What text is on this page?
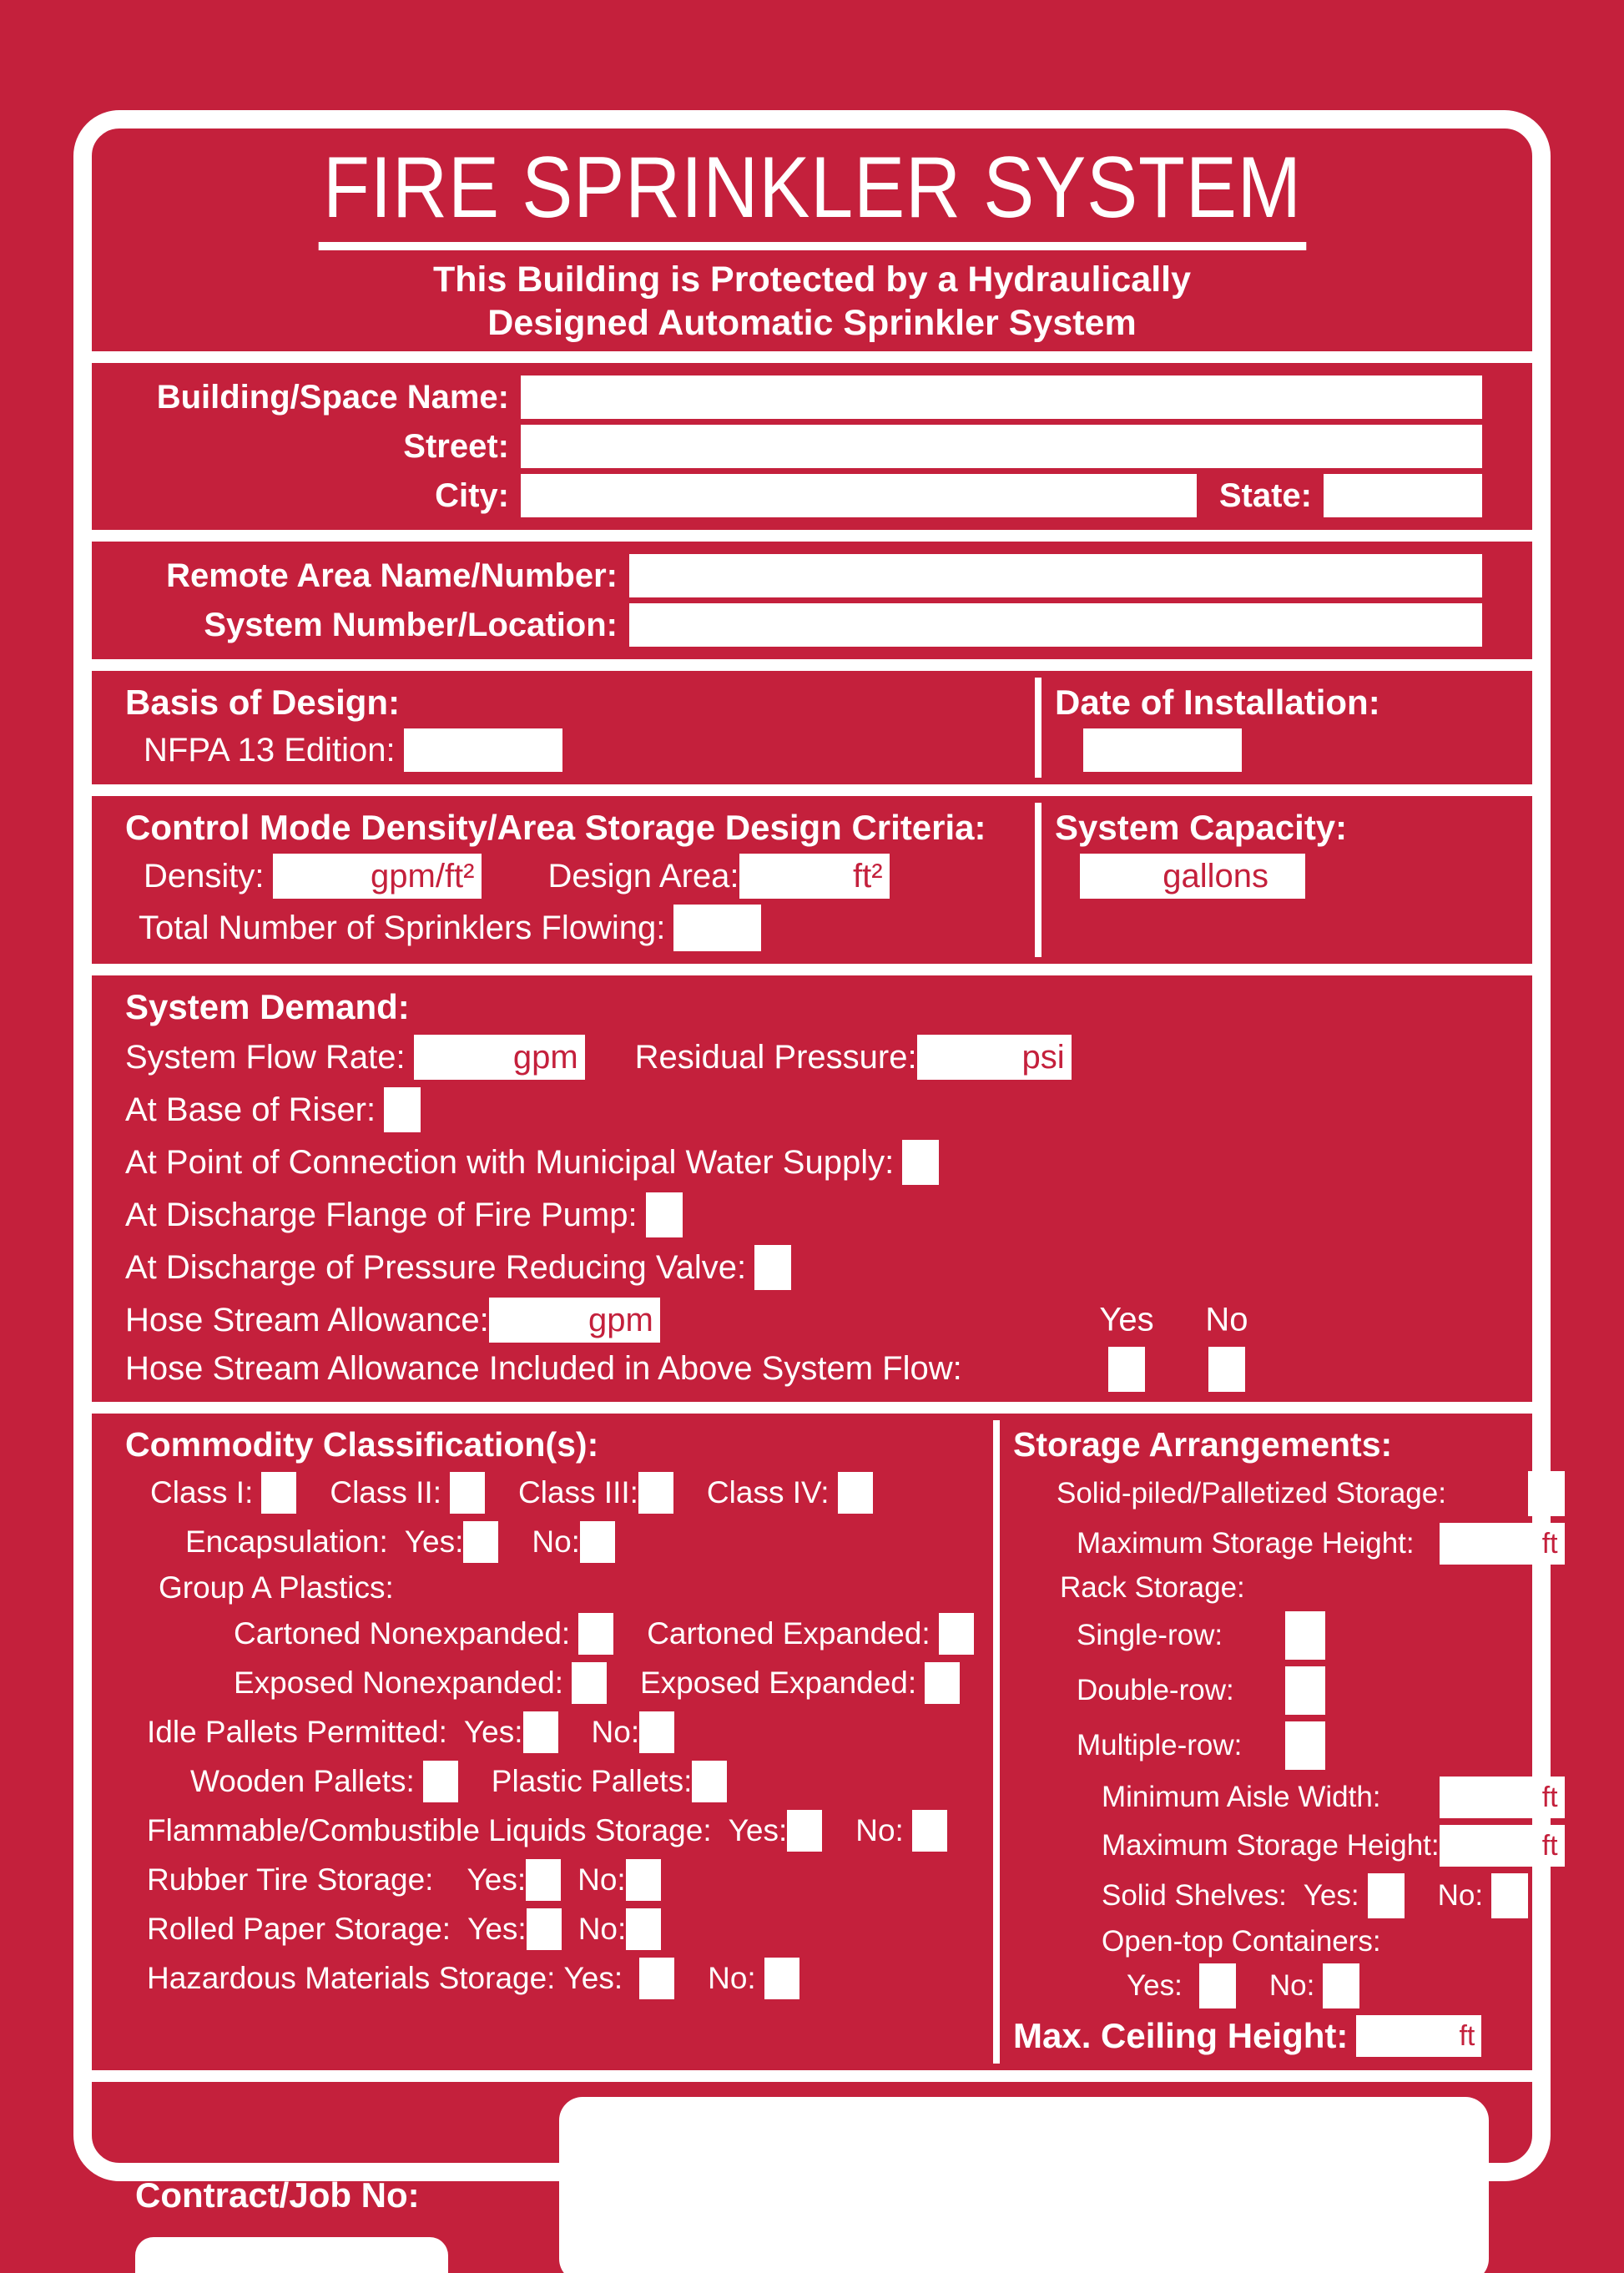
FIRE SPRINKLER SYSTEM
This Building is Protected by a Hydraulically
Designed Automatic Sprinkler System
Building/Space Name:
Street:
City:	State:
Remote Area Name/Number:
System Number/Location:
Basis of Design:
NFPA 13 Edition:
Date of Installation:
Control Mode Density/Area Storage Design Criteria:
Density:	gpm/ft² Design Area:	ft²
Total Number of Sprinklers Flowing:
System Capacity:
gallons
System Demand:
System Flow Rate:	gpm Residual Pressure:	psi
At Base of Riser:
At Point of Connection with Municipal Water Supply:
At Discharge Flange of Fire Pump:
At Discharge of Pressure Reducing Valve:
Hose Stream Allowance:	gpm	Yes	No
Hose Stream Allowance Included in Above System Flow:
Commodity Classification(s):
Class I: Class II: Class III: Class IV:
Encapsulation: Yes: No:
Group A Plastics:
Cartoned Nonexpanded: Cartoned Expanded:
Exposed Nonexpanded: Exposed Expanded:
Idle Pallets Permitted: Yes: No:
Wooden Pallets: Plastic Pallets:
Flammable/Combustible Liquids Storage: Yes: No:
Rubber Tire Storage: Yes: No:
Rolled Paper Storage: Yes: No:
Hazardous Materials Storage: Yes:	No:
Storage Arrangements:
Solid-piled/Palletized Storage:
Maximum Storage Height:	ft
Rack Storage:
Single-row:
Double-row:
Multiple-row:
Minimum Aisle Width:	ft
Maximum Storage Height:	ft
Solid Shelves: Yes:	No:
Open-top Containers:
Yes:	No:
Max. Ceiling Height:	ft
Contract/Job No:
FireSignPros.com
